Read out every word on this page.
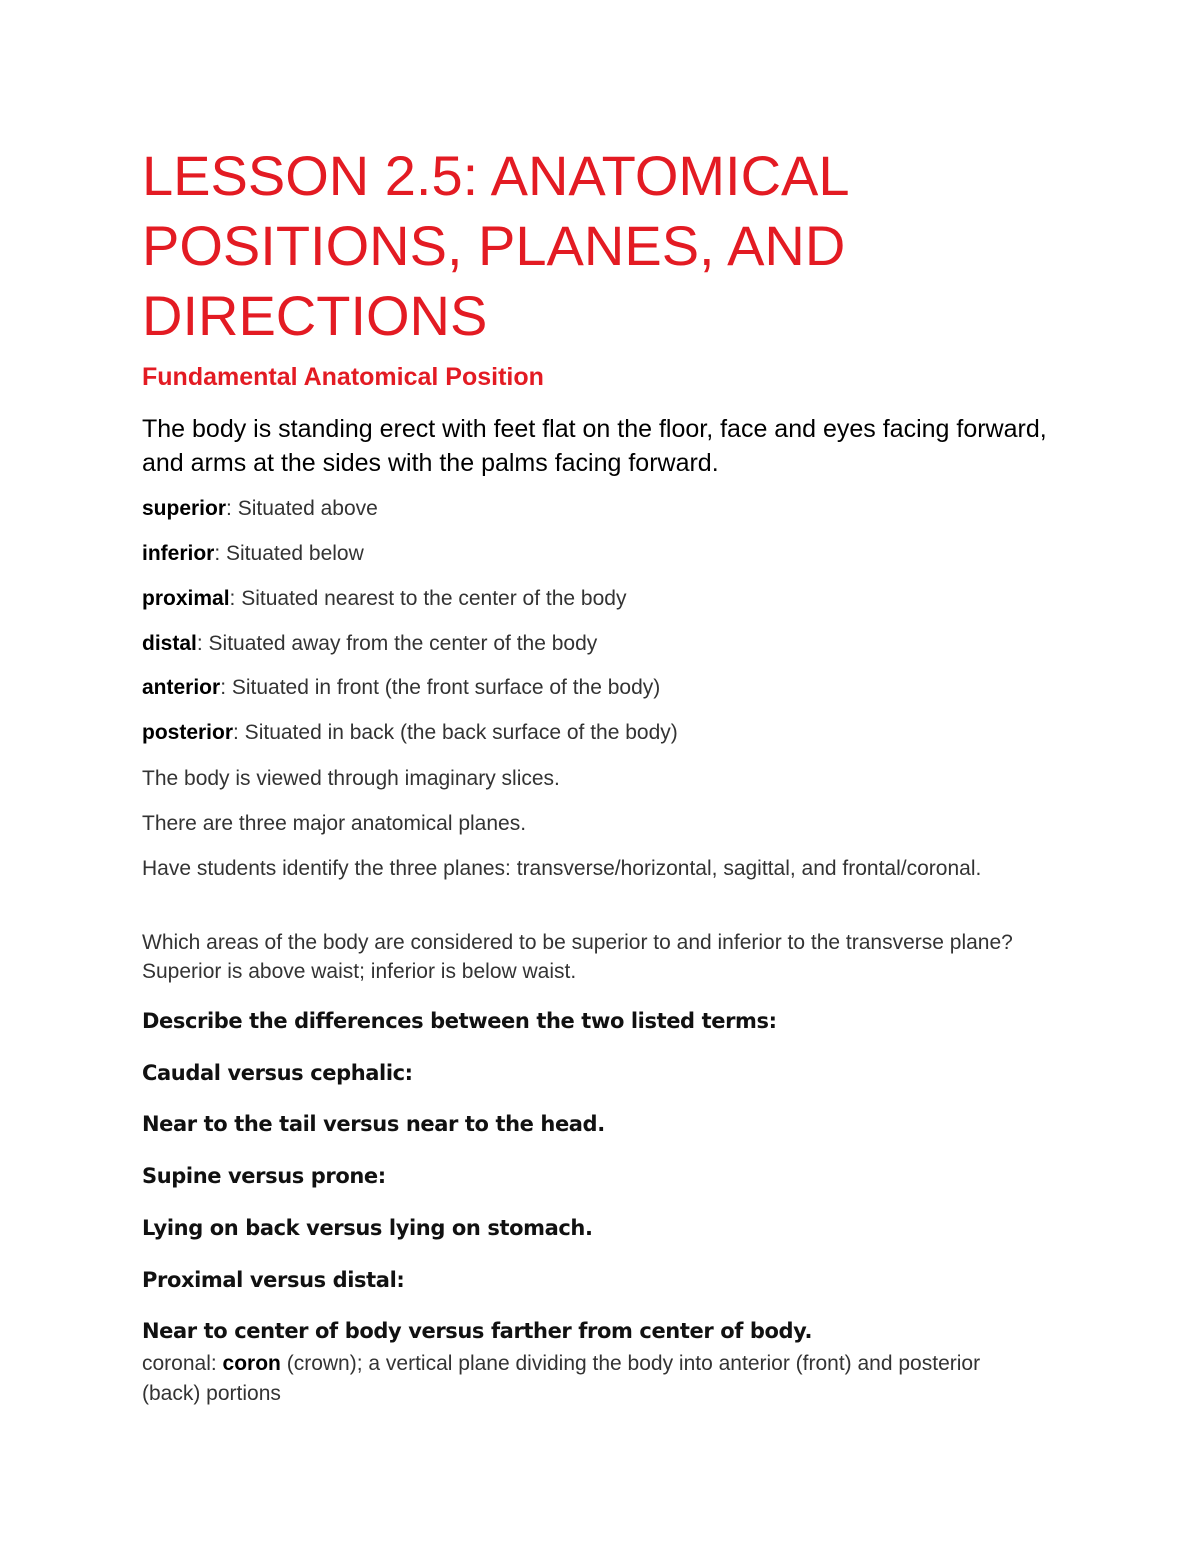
LESSON 2.5: ANATOMICAL POSITIONS, PLANES, AND DIRECTIONS
Fundamental Anatomical Position

The body is standing erect with feet flat on the floor, face and eyes facing forward, and arms at the sides with the palms facing forward.

superior: Situated above

inferior: Situated below

proximal: Situated nearest to the center of the body

distal: Situated away from the center of the body

anterior: Situated in front (the front surface of the body)

posterior: Situated in back (the back surface of the body)

The body is viewed through imaginary slices.

There are three major anatomical planes.

Have students identify the three planes: transverse/horizontal, sagittal, and frontal/coronal.

Which areas of the body are considered to be superior to and inferior to the transverse plane? Superior is above waist; inferior is below waist.

Describe the differences between the two listed terms:

Caudal versus cephalic:

Near to the tail versus near to the head.

Supine versus prone:

Lying on back versus lying on stomach.

Proximal versus distal:

Near to center of body versus farther from center of body.

coronal: coron (crown); a vertical plane dividing the body into anterior (front) and posterior (back) portions
